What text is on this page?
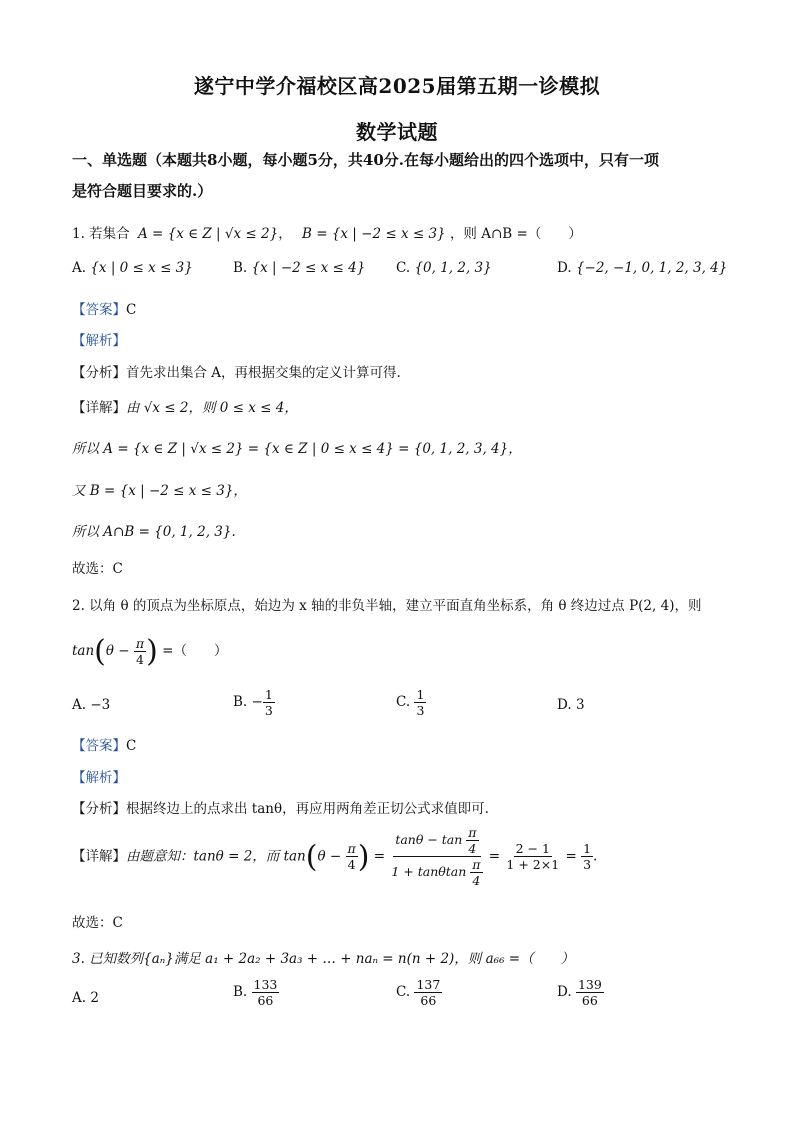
遂宁中学介福校区高2025届第五期一诊模拟
数学试题
一、单选题（本题共8小题，每小题5分，共40分.在每小题给出的四个选项中，只有一项
是符合题目要求的.）
1. 若集合 A = {x ∈ Z | √x ≤ 2}， B = {x | −2 ≤ x ≤ 3} ，则 A∩B =（　　）
A. {x | 0 ≤ x ≤ 3}	B. {x | −2 ≤ x ≤ 4} C. {0, 1, 2, 3}	D. {−2, −1, 0, 1, 2, 3, 4}
【答案】C
【解析】
【分析】首先求出集合 A，再根据交集的定义计算可得.
【详解】由 √x ≤ 2，则 0 ≤ x ≤ 4，
所以 A = {x ∈ Z | √x ≤ 2} = {x ∈ Z | 0 ≤ x ≤ 4} = {0, 1, 2, 3, 4}，
又 B = {x | −2 ≤ x ≤ 3}，
所以 A∩B = {0, 1, 2, 3}.
故选：C
2. 以角 θ 的顶点为坐标原点，始边为 x 轴的非负半轴，建立平面直角坐标系，角 θ 终边过点 P(2, 4)，则
$\tan(\theta - \frac{\pi}{4}$ ) =（　　）
A. −3	B. − $\frac{1}{3}$	C. $\frac{1}{3}$	D. 3
【答案】C
【解析】
【分析】根据终边上的点求出 tanθ，再应用两角差正切公式求值即可.
【详解】由题意知：tanθ = 2，而 $\tan(\theta - \frac{\pi}{4}$ ) = $\frac{\tan\theta - \tan \frac{\pi}{4}}{1 + \tan\theta\tan \frac{\pi}{4}} = \frac{2 - 1}{1 + 2\times 1} = \frac{1}{3}$ .
故选：C
3. 已知数列{aₙ}满足 a₁ + 2a₂ + 3a₃ + … + naₙ = n(n + 2)，则 a₆₆ =（　　）
A. 2	B. $\frac{133}{66}$	C. $\frac{137}{66}$	D. $\frac{139}{66}$
